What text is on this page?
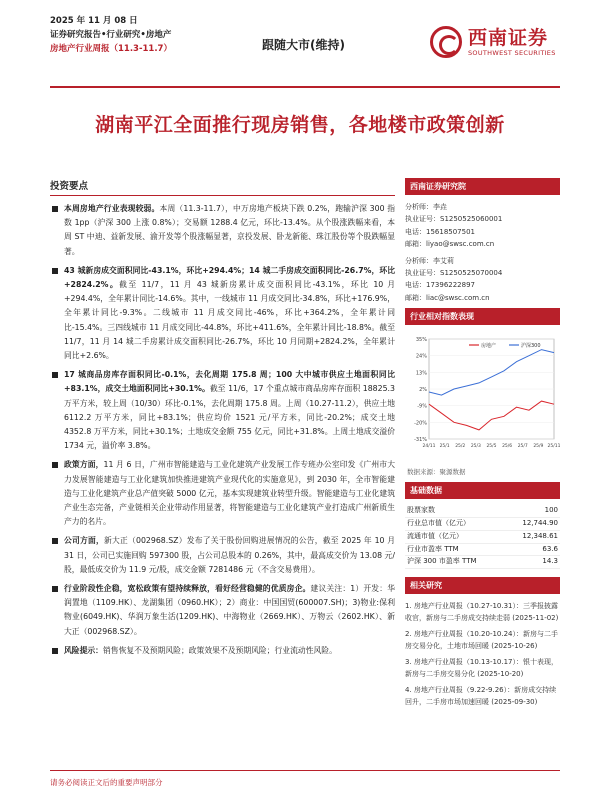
2025 年 11 月 08 日
证券研究报告•行业研究•房地产
房地产行业周报（11.3-11.7）	跟随大市(维持)	西南证券
SOUTHWEST SECURITIES
湖南平江全面推行现房销售，各地楼市政策创新
投资要点
本周房地产行业表现较弱。本周（11.3-11.7），中万房地产板块下跌 0.2%，跑输沪深 300 指数 1pp（沪深 300 上涨 0.8%）；交易额 1288.4 亿元，环比-13.4%。从个股涨跌幅来看，本周 ST 中迪、益新发展、渝开发等个股涨幅显著，京投发展、卧龙新能、珠江股份等个股跌幅显著。
43 城新房成交面积同比-43.1%，环比+294.4%；14 城二手房成交面积同比-26.7%，环比+2824.2%。截至 11/7，11 月 43 城新房累计成交面积同比-43.1%，环比 10 月+294.4%，全年累计同比-14.6%。其中，一线城市 11 月成交同比-34.8%，环比+176.9%，全年累计同比-9.3%。二线城市 11 月成交同比-46%，环比+364.2%，全年累计同比-15.4%。三四线城市 11 月成交同比-44.8%，环比+411.6%，全年累计同比-18.8%。截至 11/7，11 月 14 城二手房累计成交面积同比-26.7%，环比 10 月同期+2824.2%，全年累计同比+2.6%。
17 城商品房库存面积同比-0.1%，去化周期 175.8 周；100 大中城市供应土地面积同比+83.1%，成交土地面积同比+30.1%。截至 11/6，17 个重点城市商品房库存面积 18825.3 万平方米，较上周（10/30）环比-0.1%，去化周期 175.8 周。上周（10.27-11.2），供应土地 6112.2 万平方米，同比+83.1%；供应均价 1521 元/平方米，同比-20.2%；成交土地 4352.8 万平方米，同比+30.1%；土地成交金额 755 亿元，同比+31.8%。上周土地成交溢价 1734 元，溢价率 3.8%。
政策方面，11 月 6 日，广州市智能建造与工业化建筑产业发展工作专班办公室印发《广州市大力发展智能建造与工业化建筑加快推进建筑产业现代化的实施意见》，到 2030 年，全市智能建造与工业化建筑产业总产值突破 5000 亿元，基本实现建筑业转型升级。智能建造与工业化建筑产业生态完备，产业链相关企业带动作用显著，将智能建造与工业化建筑产业打造成广州新质生产力的名片。
公司方面，新大正（002968.SZ）发布了关于股份回购进展情况的公告，截至 2025 年 10 月 31 日，公司已实施回购 597300 股，占公司总股本的 0.26%，其中，最高成交价为 13.08 元/股，最低成交价为 11.9 元/股，成交金额 7281486 元（不含交易费用）。
行业阶段性企稳，宽松政策有望持续释放，看好经营稳健的优质房企。建议关注：1）开发：华润置地（1109.HK）、龙湖集团（0960.HK）；2）商业：中国国贸(600007.SH)；3)物业:保利物业(6049.HK)、华润万象生活(1209.HK)、中海物业（2669.HK）、万物云（2602.HK）、新大正（002968.SZ）。
风险提示：销售恢复不及预期风险；政策效果不及预期风险；行业流动性风险。
西南证券研究院
分析师：李垚
执业证号：S1250525060001
电话：15618507501
邮箱：liyao@swsc.com.cn
分析师：李艾莉
执业证号：S1250525070004
电话：17396222897
邮箱：liac@swsc.com.cn
行业相对指数表现
35%
24%
13%
2%
-9%
-20%
-31%
24/11 25/1 25/2 25/3 25/5 25/6 25/7 25/9 25/11
房地产	沪深300
数据来源：聚源数据
基础数据
股票家数	100
行业总市值（亿元）	12,744.90
流通市值（亿元）	12,348.61
行业市盈率 TTM	63.6
沪深 300 市盈率 TTM	14.3
相关研究
1. 房地产行业周报（10.27-10.31）：三季报披露收官，新房与二手房成交持续走弱 (2025-11-02)
2. 房地产行业周报（10.20-10.24）：新房与二手房交易分化，土地市场回暖 (2025-10-26)
3. 房地产行业周报（10.13-10.17）：银十表现，新房与二手房交易分化 (2025-10-20)
4. 房地产行业周报（9.22-9.26）：新房成交持续回升，二手房市场加速回暖 (2025-09-30)
请务必阅读正文后的重要声明部分
